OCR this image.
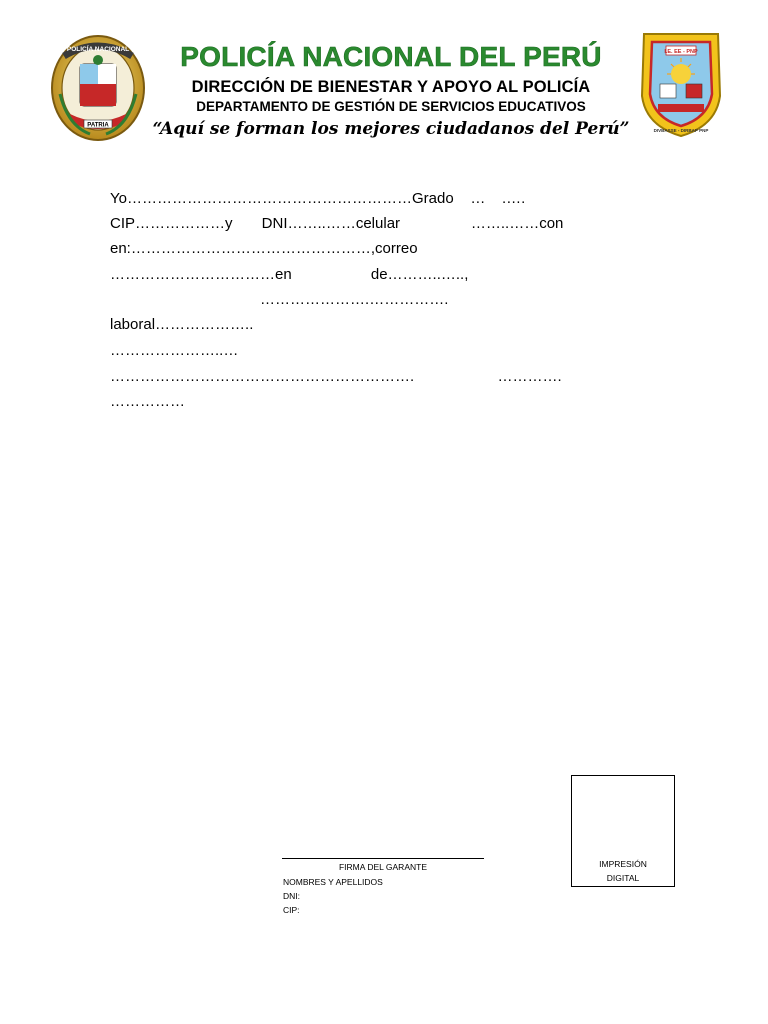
POLICÍA NACIONAL
PATRIA
POLICÍA NACIONAL DEL PERÚ
DIRECCIÓN DE BIENESTAR Y APOYO AL POLICÍA
DEPARTAMENTO DE GESTIÓN DE SERVICIOS EDUCATIVOS
“Aquí se forman los mejores ciudadanos del Perú”
I.E. EE - PNP
DIVBASSE - DIRBAP PNP
Yo…………………………………………………Grado    …    .….
CIP………………y       DNI……..……celular                 ……..……con
en:…………………………………………,correo
……………………………en                   de………..…..,
………………….…………….
laboral………………..
…………………..…
…………………………………………………….                    ………….
……………
FIRMA DEL GARANTE
NOMBRES Y APELLIDOS
DNI:
CIP:
IMPRESIÓN
DIGITAL
